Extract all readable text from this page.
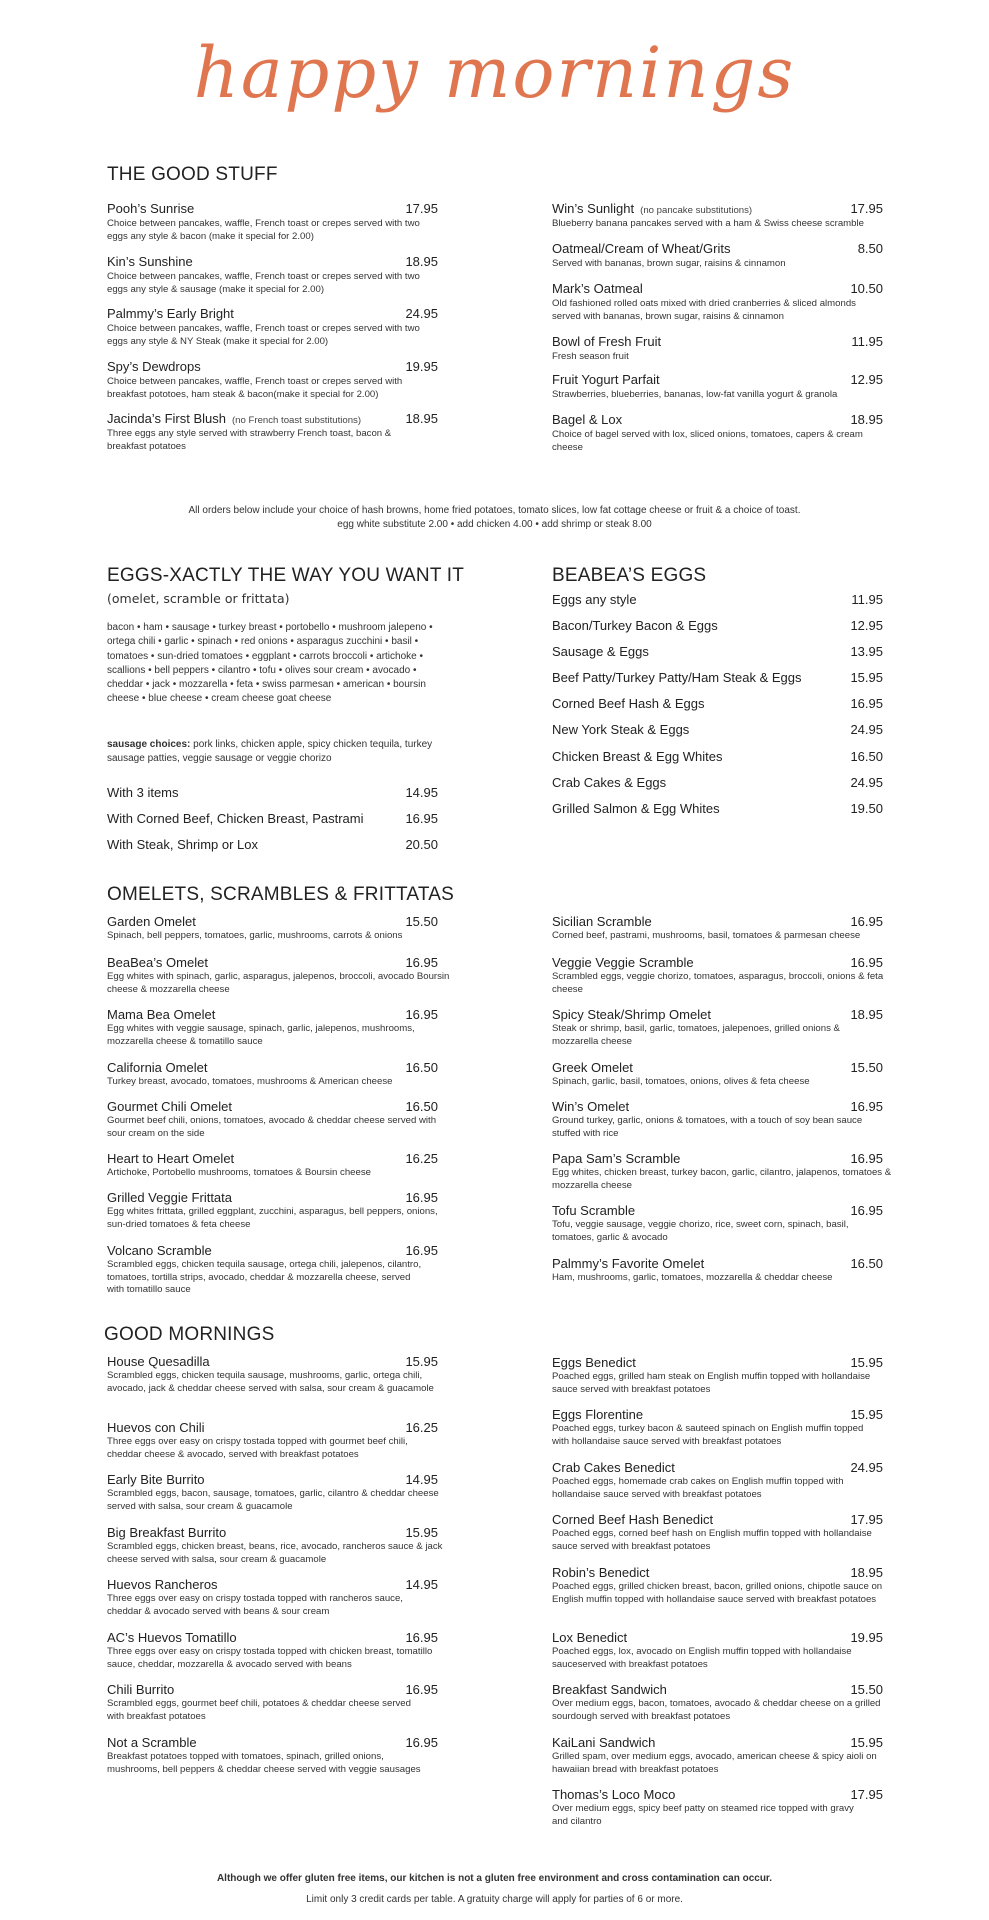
happy mornings
THE GOOD STUFF
Pooh’s Sunrise	17.95
Choice between pancakes, waffle, French toast or crepes served with two eggs any style & bacon (make it special for 2.00)
Kin’s Sunshine	18.95
Choice between pancakes, waffle, French toast or crepes served with two eggs any style & sausage (make it special for 2.00)
Palmmy’s Early Bright	24.95
Choice between pancakes, waffle, French toast or crepes served with two eggs any style & NY Steak (make it special for 2.00)
Spy’s Dewdrops	19.95
Choice between pancakes, waffle, French toast or crepes served with breakfast pototoes, ham steak & bacon(make it special for 2.00)
Jacinda’s First Blush (no French toast substitutions)	18.95
Three eggs any style served with strawberry French toast, bacon & breakfast potatoes
Win’s Sunlight (no pancake substitutions)	17.95
Blueberry banana pancakes served with a ham & Swiss cheese scramble
Oatmeal/Cream of Wheat/Grits	8.50
Served with bananas, brown sugar, raisins & cinnamon
Mark’s Oatmeal	10.50
Old fashioned rolled oats mixed with dried cranberries & sliced almonds served with bananas, brown sugar, raisins & cinnamon
Bowl of Fresh Fruit	11.95
Fresh season fruit
Fruit Yogurt Parfait	12.95
Strawberries, blueberries, bananas, low-fat vanilla yogurt & granola
Bagel & Lox	18.95
Choice of bagel served with lox, sliced onions, tomatoes, capers & cream cheese
All orders below include your choice of hash browns, home fried potatoes, tomato slices, low fat cottage cheese or fruit & a choice of toast.
egg white substitute 2.00 • add chicken 4.00 • add shrimp or steak 8.00
EGGS-XACTLY THE WAY YOU WANT IT
(omelet, scramble or frittata)
bacon • ham • sausage • turkey breast • portobello • mushroom jalepeno • ortega chili • garlic • spinach • red onions • asparagus zucchini • basil • tomatoes • sun-dried tomatoes • eggplant • carrots broccoli • artichoke • scallions • bell peppers • cilantro • tofu • olives sour cream • avocado • cheddar • jack • mozzarella • feta • swiss parmesan • american • boursin cheese • blue cheese • cream cheese goat cheese
sausage choices: pork links, chicken apple, spicy chicken tequila, turkey sausage patties, veggie sausage or veggie chorizo
With 3 items	14.95
With Corned Beef, Chicken Breast, Pastrami	16.95
With Steak, Shrimp or Lox	20.50
BEABEA’S EGGS
Eggs any style	11.95
Bacon/Turkey Bacon & Eggs	12.95
Sausage & Eggs	13.95
Beef Patty/Turkey Patty/Ham Steak & Eggs	15.95
Corned Beef Hash & Eggs	16.95
New York Steak & Eggs	24.95
Chicken Breast & Egg Whites	16.50
Crab Cakes & Eggs	24.95
Grilled Salmon & Egg Whites	19.50
OMELETS, SCRAMBLES & FRITTATAS
Garden Omelet	15.50
Spinach, bell peppers, tomatoes, garlic, mushrooms, carrots & onions
BeaBea’s Omelet	16.95
Egg whites with spinach, garlic, asparagus, jalepenos, broccoli, avocado Boursin cheese & mozzarella cheese
Mama Bea Omelet	16.95
Egg whites with veggie sausage, spinach, garlic, jalepenos, mushrooms, mozzarella cheese & tomatillo sauce
California Omelet	16.50
Turkey breast, avocado, tomatoes, mushrooms & American cheese
Gourmet Chili Omelet	16.50
Gourmet beef chili, onions, tomatoes, avocado & cheddar cheese served with sour cream on the side
Heart to Heart Omelet	16.25
Artichoke, Portobello mushrooms, tomatoes & Boursin cheese
Grilled Veggie Frittata	16.95
Egg whites frittata, grilled eggplant, zucchini, asparagus, bell peppers, onions, sun-dried tomatoes & feta cheese
Volcano Scramble	16.95
Scrambled eggs, chicken tequila sausage, ortega chili, jalepenos, cilantro, tomatoes, tortilla strips, avocado, cheddar & mozzarella cheese, served with tomatillo sauce
Sicilian Scramble	16.95
Corned beef, pastrami, mushrooms, basil, tomatoes & parmesan cheese
Veggie Veggie Scramble	16.95
Scrambled eggs, veggie chorizo, tomatoes, asparagus, broccoli, onions & feta cheese
Spicy Steak/Shrimp Omelet	18.95
Steak or shrimp, basil, garlic, tomatoes, jalepenoes, grilled onions & mozzarella cheese
Greek Omelet	15.50
Spinach, garlic, basil, tomatoes, onions, olives & feta cheese
Win’s Omelet	16.95
Ground turkey, garlic, onions & tomatoes, with a touch of soy bean sauce stuffed with rice
Papa Sam’s Scramble	16.95
Egg whites, chicken breast, turkey bacon, garlic, cilantro, jalapenos, tomatoes & mozzarella cheese
Tofu Scramble	16.95
Tofu, veggie sausage, veggie chorizo, rice, sweet corn, spinach, basil, tomatoes, garlic & avocado
Palmmy’s Favorite Omelet	16.50
Ham, mushrooms, garlic, tomatoes, mozzarella & cheddar cheese
GOOD MORNINGS
House Quesadilla	15.95
Scrambled eggs, chicken tequila sausage, mushrooms, garlic, ortega chili, avocado, jack & cheddar cheese served with salsa, sour cream & guacamole
Huevos con Chili	16.25
Three eggs over easy on crispy tostada topped with gourmet beef chili, cheddar cheese & avocado, served with breakfast potatoes
Early Bite Burrito	14.95
Scrambled eggs, bacon, sausage, tomatoes, garlic, cilantro & cheddar cheese served with salsa, sour cream & guacamole
Big Breakfast Burrito	15.95
Scrambled eggs, chicken breast, beans, rice, avocado, rancheros sauce & jack cheese served with salsa, sour cream & guacamole
Huevos Rancheros	14.95
Three eggs over easy on crispy tostada topped with rancheros sauce, cheddar & avocado served with beans & sour cream
AC’s Huevos Tomatillo	16.95
Three eggs over easy on crispy tostada topped with chicken breast, tomatillo sauce, cheddar, mozzarella & avocado served with beans
Chili Burrito	16.95
Scrambled eggs, gourmet beef chili, potatoes & cheddar cheese served with breakfast potatoes
Not a Scramble	16.95
Breakfast potatoes topped with tomatoes, spinach, grilled onions, mushrooms, bell peppers & cheddar cheese served with veggie sausages
Eggs Benedict	15.95
Poached eggs, grilled ham steak on English muffin topped with hollandaise sauce served with breakfast potatoes
Eggs Florentine	15.95
Poached eggs, turkey bacon & sauteed spinach on English muffin topped with hollandaise sauce served with breakfast potatoes
Crab Cakes Benedict	24.95
Poached eggs, homemade crab cakes on English muffin topped with hollandaise sauce served with breakfast potatoes
Corned Beef Hash Benedict	17.95
Poached eggs, corned beef hash on English muffin topped with hollandaise sauce served with breakfast potatoes
Robin’s Benedict	18.95
Poached eggs, grilled chicken breast, bacon, grilled onions, chipotle sauce on English muffin topped with hollandaise sauce served with breakfast potatoes
Lox Benedict	19.95
Poached eggs, lox, avocado on English muffin topped with hollandaise sauceserved with breakfast potatoes
Breakfast Sandwich	15.50
Over medium eggs, bacon, tomatoes, avocado & cheddar cheese on a grilled sourdough served with breakfast potatoes
KaiLani Sandwich	15.95
Grilled spam, over medium eggs, avocado, american cheese & spicy aioli on hawaiian bread with breakfast potatoes
Thomas’s Loco Moco	17.95
Over medium eggs, spicy beef patty on steamed rice topped with gravy and cilantro
Although we offer gluten free items, our kitchen is not a gluten free environment and cross contamination can occur.
Limit only 3 credit cards per table. A gratuity charge will apply for parties of 6 or more.
